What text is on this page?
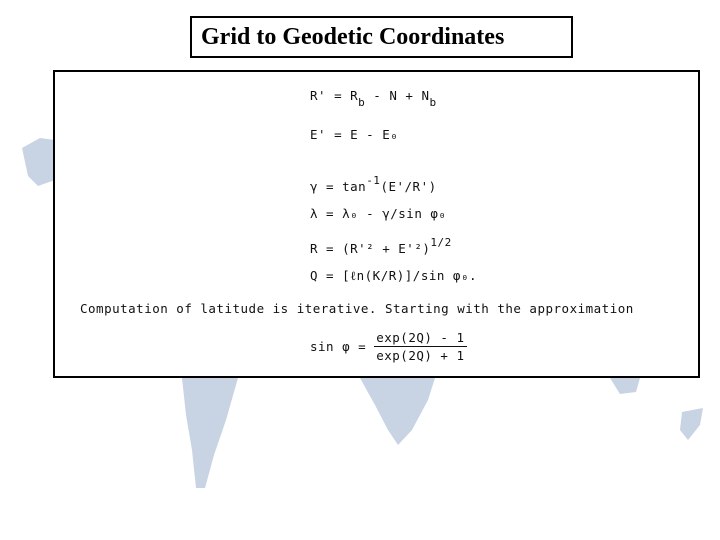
Grid to Geodetic Coordinates
R' = Rb - N + Nb
E' = E - E₀
γ = tan-1(E'/R')
λ = λ₀ - γ/sin φ₀
R = (R'² + E'²)1/2
Q = [ℓn(K/R)]/sin φ₀.
Computation of latitude is iterative. Starting with the approximation
$\sin \varphi = \frac{\exp(2Q) - 1}{\exp(2Q) + 1}$
